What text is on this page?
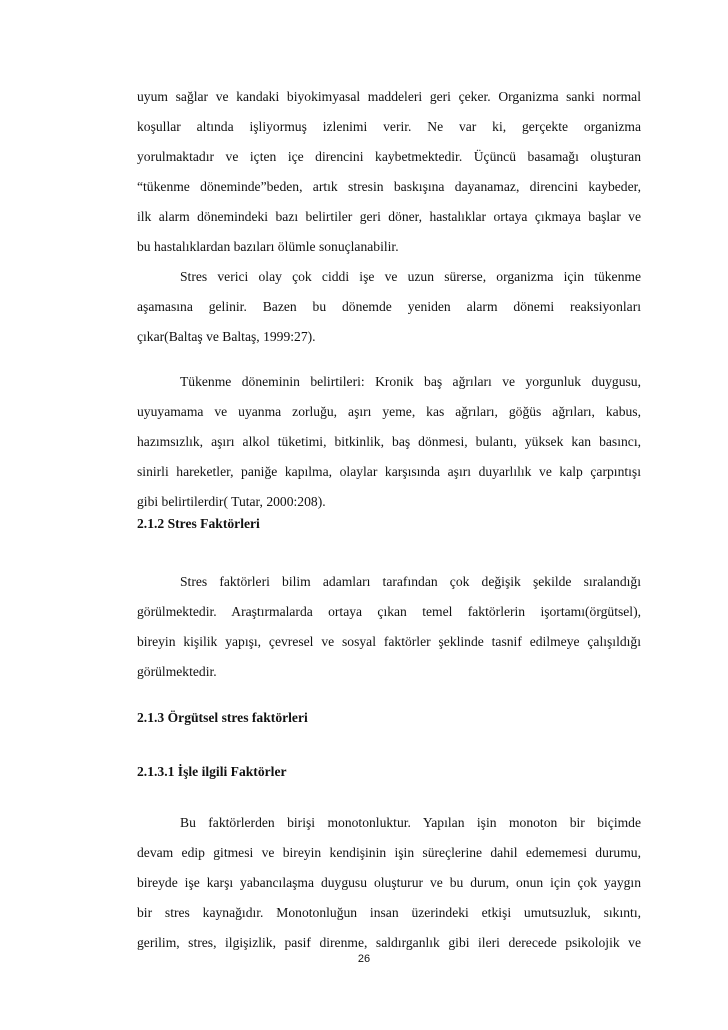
uyum sağlar ve kandaki biyokimyasal maddeleri geri çeker. Organizma sanki normal
koşullar altında işliyormuş izlenimi verir. Ne var ki, gerçekte organizma
yorulmaktadır ve içten içe direncini kaybetmektedir. Üçüncü basamağı oluşturan
“tükenme döneminde”beden, artık stresin baskışına dayanamaz, direncini kaybeder,
ilk alarm dönemindeki bazı belirtiler geri döner, hastalıklar ortaya çıkmaya başlar ve
bu hastalıklardan bazıları ölümle sonuçlanabilir.
Stres verici olay çok ciddi işe ve uzun sürerse, organizma için tükenme
aşamasına gelinir. Bazen bu dönemde yeniden alarm dönemi reaksiyonları
çıkar(Baltaş ve Baltaş, 1999:27).
Tükenme döneminin belirtileri: Kronik baş ağrıları ve yorgunluk duygusu,
uyuyamama ve uyanma zorluğu, aşırı yeme, kas ağrıları, göğüs ağrıları, kabus,
hazımsızlık, aşırı alkol tüketimi, bitkinlik, baş dönmesi, bulantı, yüksek kan basıncı,
sinirli hareketler, paniğe kapılma, olaylar karşısında aşırı duyarlılık ve kalp çarpıntışı
gibi belirtilerdir( Tutar, 2000:208).
2.1.2 Stres Faktörleri
Stres faktörleri bilim adamları tarafından çok değişik şekilde sıralandığı
görülmektedir. Araştırmalarda ortaya çıkan temel faktörlerin işortamı(örgütsel),
bireyin kişilik yapışı, çevresel ve sosyal faktörler şeklinde tasnif edilmeye çalışıldığı
görülmektedir.
2.1.3 Örgütsel stres faktörleri
2.1.3.1 İşle ilgili Faktörler
Bu faktörlerden birişi monotonluktur. Yapılan işin monoton bir biçimde
devam edip gitmesi ve bireyin kendişinin işin süreçlerine dahil edememesi durumu,
bireyde işe karşı yabancılaşma duygusu oluşturur ve bu durum, onun için çok yaygın
bir stres kaynağıdır. Monotonluğun insan üzerindeki etkişi umutsuzluk, sıkıntı,
gerilim, stres, ilgişizlik, pasif direnme, saldırganlık gibi ileri derecede psikolojik ve
26
